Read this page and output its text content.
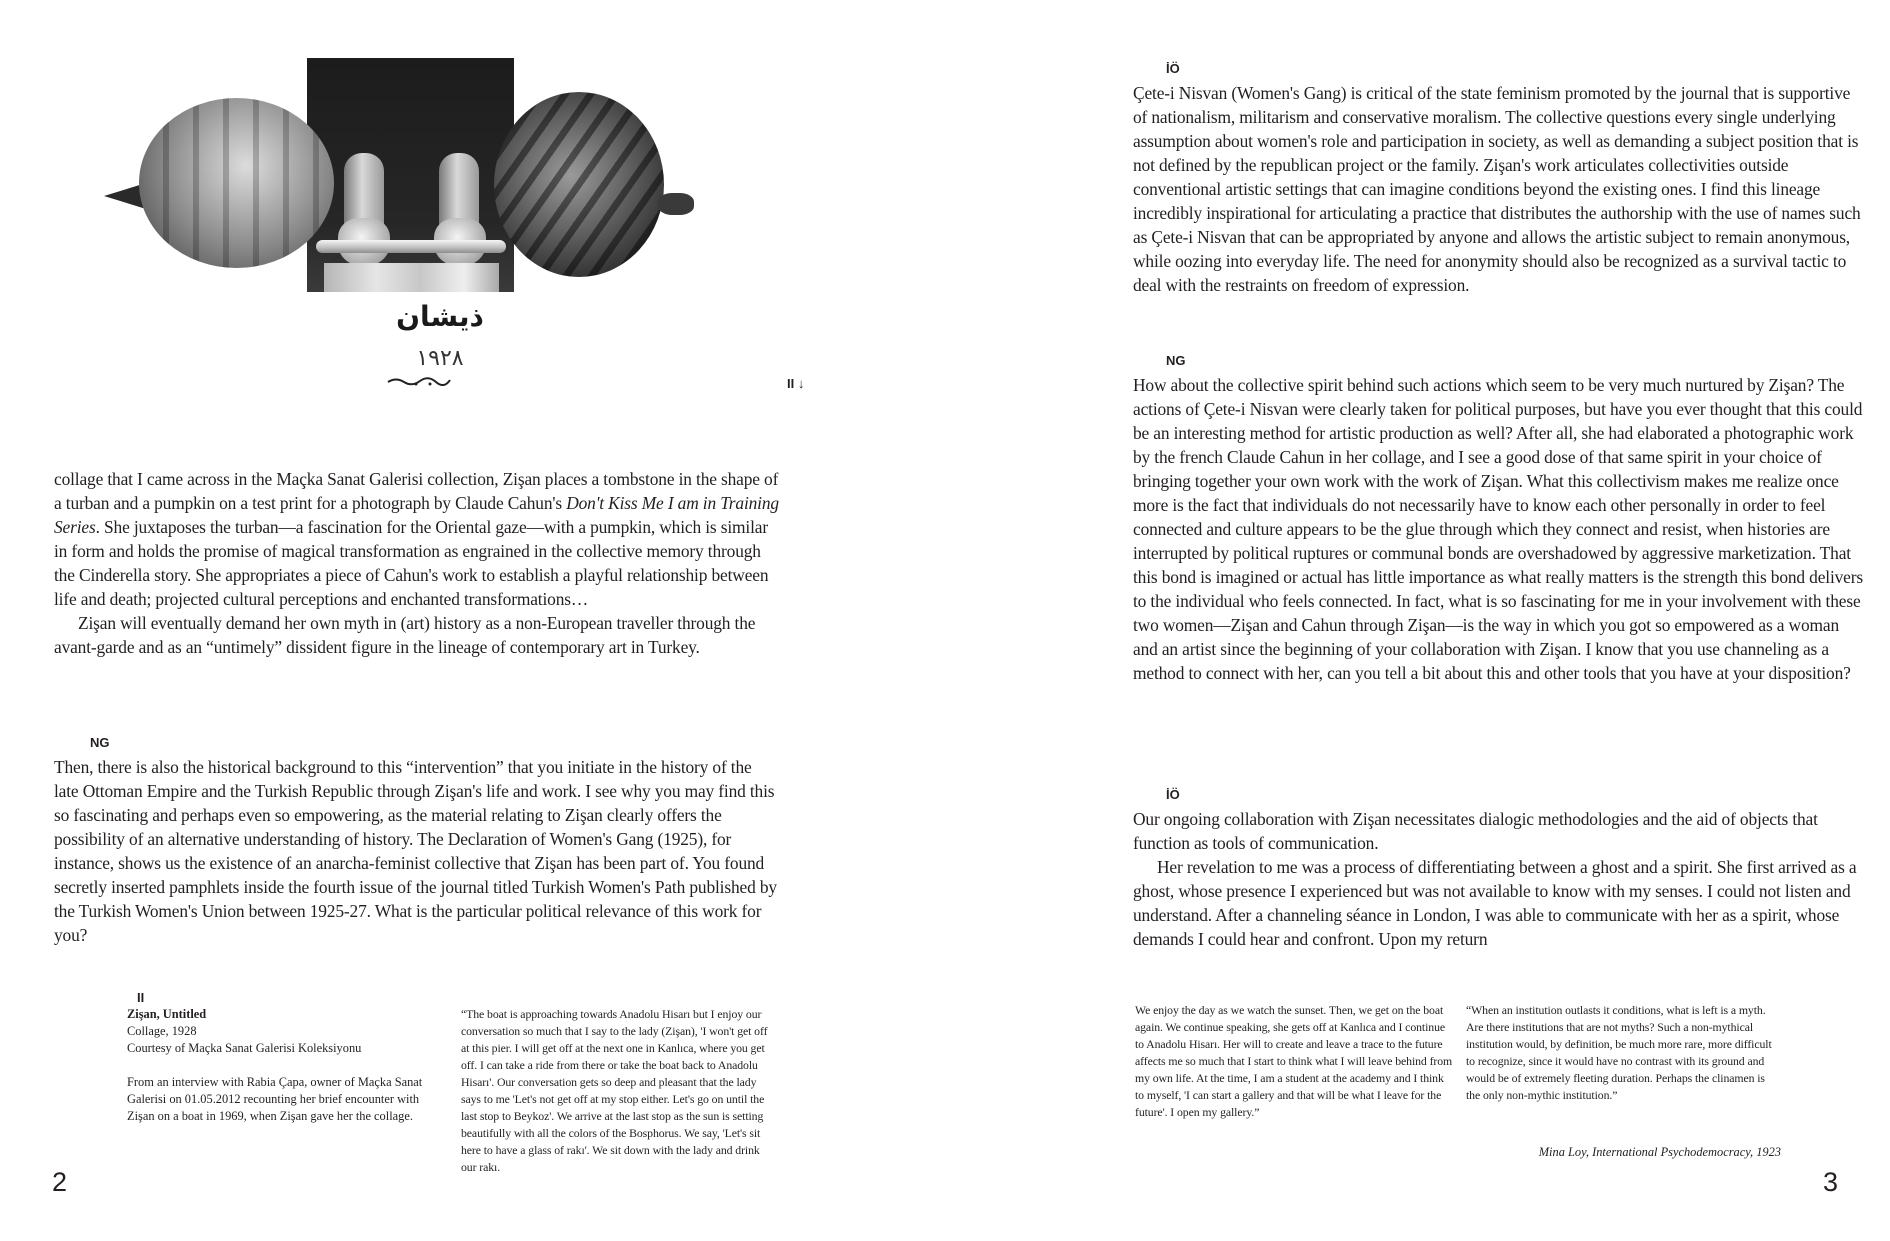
ذیشان
١٩٢٨
II ↓

collage that I came across in the Maçka Sanat Galerisi collection, Zişan places a tombstone in the shape of a turban and a pumpkin on a test print for a photograph by Claude Cahun's Don't Kiss Me I am in Training Series. She juxtaposes the turban—a fascination for the Oriental gaze—with a pumpkin, which is similar in form and holds the promise of magical transformation as engrained in the collective memory through the Cinderella story. She appropriates a piece of Cahun's work to establish a playful relationship between life and death; projected cultural perceptions and enchanted transformations…

Zişan will eventually demand her own myth in (art) history as a non-European traveller through the avant-garde and as an “untimely” dissident figure in the lineage of contemporary art in Turkey.

NG
Then, there is also the historical background to this “intervention” that you initiate in the history of the late Ottoman Empire and the Turkish Republic through Zişan's life and work. I see why you may find this so fascinating and perhaps even so empowering, as the material relating to Zişan clearly offers the possibility of an alternative understanding of history. The Declaration of Women's Gang (1925), for instance, shows us the existence of an anarcha-feminist collective that Zişan has been part of. You found secretly inserted pamphlets inside the fourth issue of the journal titled Turkish Women's Path published by the Turkish Women's Union between 1925-27. What is the particular political relevance of this work for you?
II
Zişan, Untitled
Collage, 1928
Courtesy of Maçka Sanat Galerisi Koleksiyonu
From an interview with Rabia Çapa, owner of Maçka Sanat Galerisi on 01.05.2012 recounting her brief encounter with Zişan on a boat in 1969, when Zişan gave her the collage.
“The boat is approaching towards Anadolu Hisarı but I enjoy our conversation so much that I say to the lady (Zişan), 'I won't get off at this pier. I will get off at the next one in Kanlıca, where you get off. I can take a ride from there or take the boat back to Anadolu Hisarı'. Our conversation gets so deep and pleasant that the lady says to me 'Let's not get off at my stop either. Let's go on until the last stop to Beykoz'. We arrive at the last stop as the sun is setting beautifully with all the colors of the Bosphorus. We say, 'Let's sit here to have a glass of rakı'. We sit down with the lady and drink our rakı.
2
İÖ
Çete-i Nisvan (Women's Gang) is critical of the state feminism promoted by the journal that is supportive of nationalism, militarism and conservative moralism. The collective questions every single underlying assumption about women's role and participation in society, as well as demanding a subject position that is not defined by the republican project or the family. Zişan's work articulates collectivities outside conventional artistic settings that can imagine conditions beyond the existing ones. I find this lineage incredibly inspirational for articulating a practice that distributes the authorship with the use of names such as Çete-i Nisvan that can be appropriated by anyone and allows the artistic subject to remain anonymous, while oozing into everyday life. The need for anonymity should also be recognized as a survival tactic to deal with the restraints on freedom of expression.
NG
How about the collective spirit behind such actions which seem to be very much nurtured by Zişan? The actions of Çete-i Nisvan were clearly taken for political purposes, but have you ever thought that this could be an interesting method for artistic production as well? After all, she had elaborated a photographic work by the french Claude Cahun in her collage, and I see a good dose of that same spirit in your choice of bringing together your own work with the work of Zişan. What this collectivism makes me realize once more is the fact that individuals do not necessarily have to know each other personally in order to feel connected and culture appears to be the glue through which they connect and resist, when histories are interrupted by political ruptures or communal bonds are overshadowed by aggressive marketization. That this bond is imagined or actual has little importance as what really matters is the strength this bond delivers to the individual who feels connected. In fact, what is so fascinating for me in your involvement with these two women—Zişan and Cahun through Zişan—is the way in which you got so empowered as a woman and an artist since the beginning of your collaboration with Zişan. I know that you use channeling as a method to connect with her, can you tell a bit about this and other tools that you have at your disposition?
İÖ

Our ongoing collaboration with Zişan necessitates dialogic methodologies and the aid of objects that function as tools of communication.

Her revelation to me was a process of differentiating between a ghost and a spirit. She first arrived as a ghost, whose presence I experienced but was not available to know with my senses. I could not listen and understand. After a channeling séance in London, I was able to communicate with her as a spirit, whose demands I could hear and confront. Upon my return

We enjoy the day as we watch the sunset. Then, we get on the boat again. We continue speaking, she gets off at Kanlıca and I continue to Anadolu Hisarı. Her will to create and leave a trace to the future affects me so much that I start to think what I will leave behind from my own life. At the time, I am a student at the academy and I think to myself, 'I can start a gallery and that will be what I leave for the future'. I open my gallery.”
“When an institution outlasts it conditions, what is left is a myth. Are there institutions that are not myths? Such a non-mythical institution would, by definition, be much more rare, more difficult to recognize, since it would have no contrast with its ground and would be of extremely fleeting duration. Perhaps the clinamen is the only non-mythic institution.”
Mina Loy, International Psychodemocracy, 1923
3
